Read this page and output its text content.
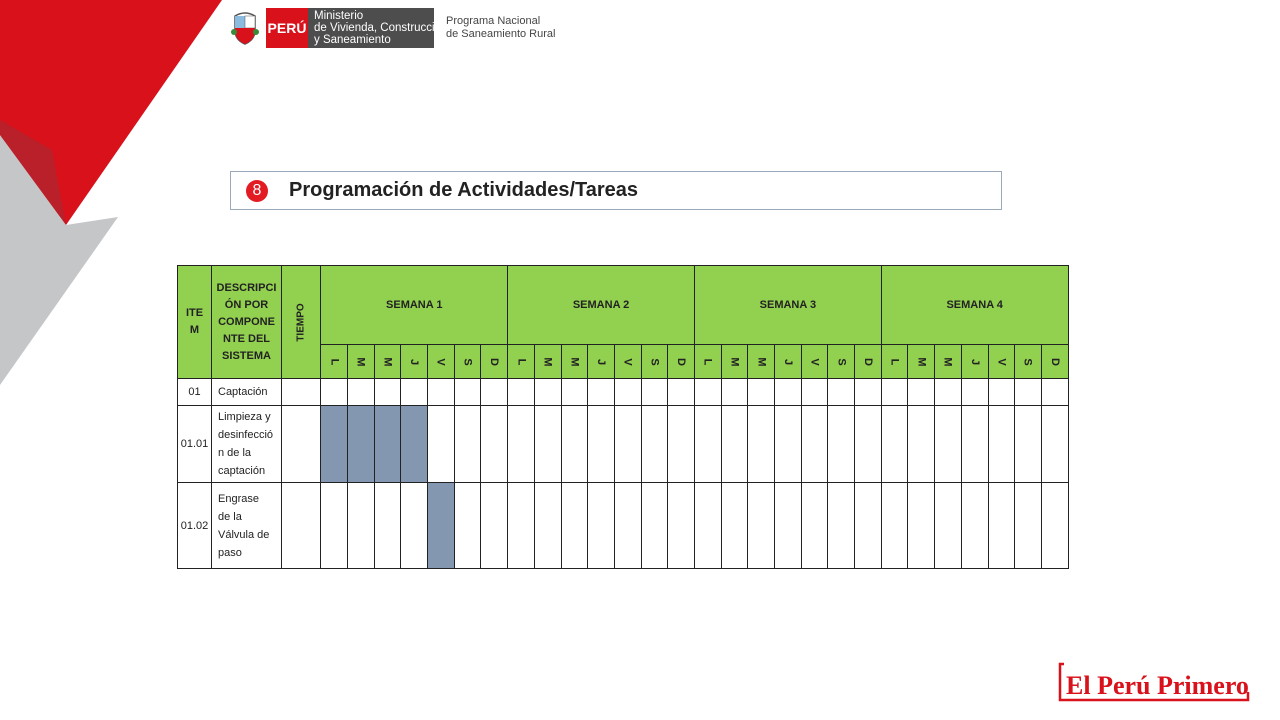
PERÚ
Ministerio
de Vivienda, Construcción
y Saneamiento
Programa Nacional
de Saneamiento Rural
8	Programación de Actividades/Tareas
ITE
M	DESCRIPCI
ÓN POR
COMPONE
NTE DEL
SISTEMA	TIEMPO	SEMANA 1							SEMANA 2							SEMANA 3							SEMANA 4						
			L	M	M	J	V	S	D	L	M	M	J	V	S	D	L	M	M	J	V	S	D	L	M	M	J	V	S	D
01	Captación																													

01.01	Limpieza y
desinfecció
n de la
captación																													

01.02	Engrase
de la
Válvula de
paso																													

El Perú Primero
